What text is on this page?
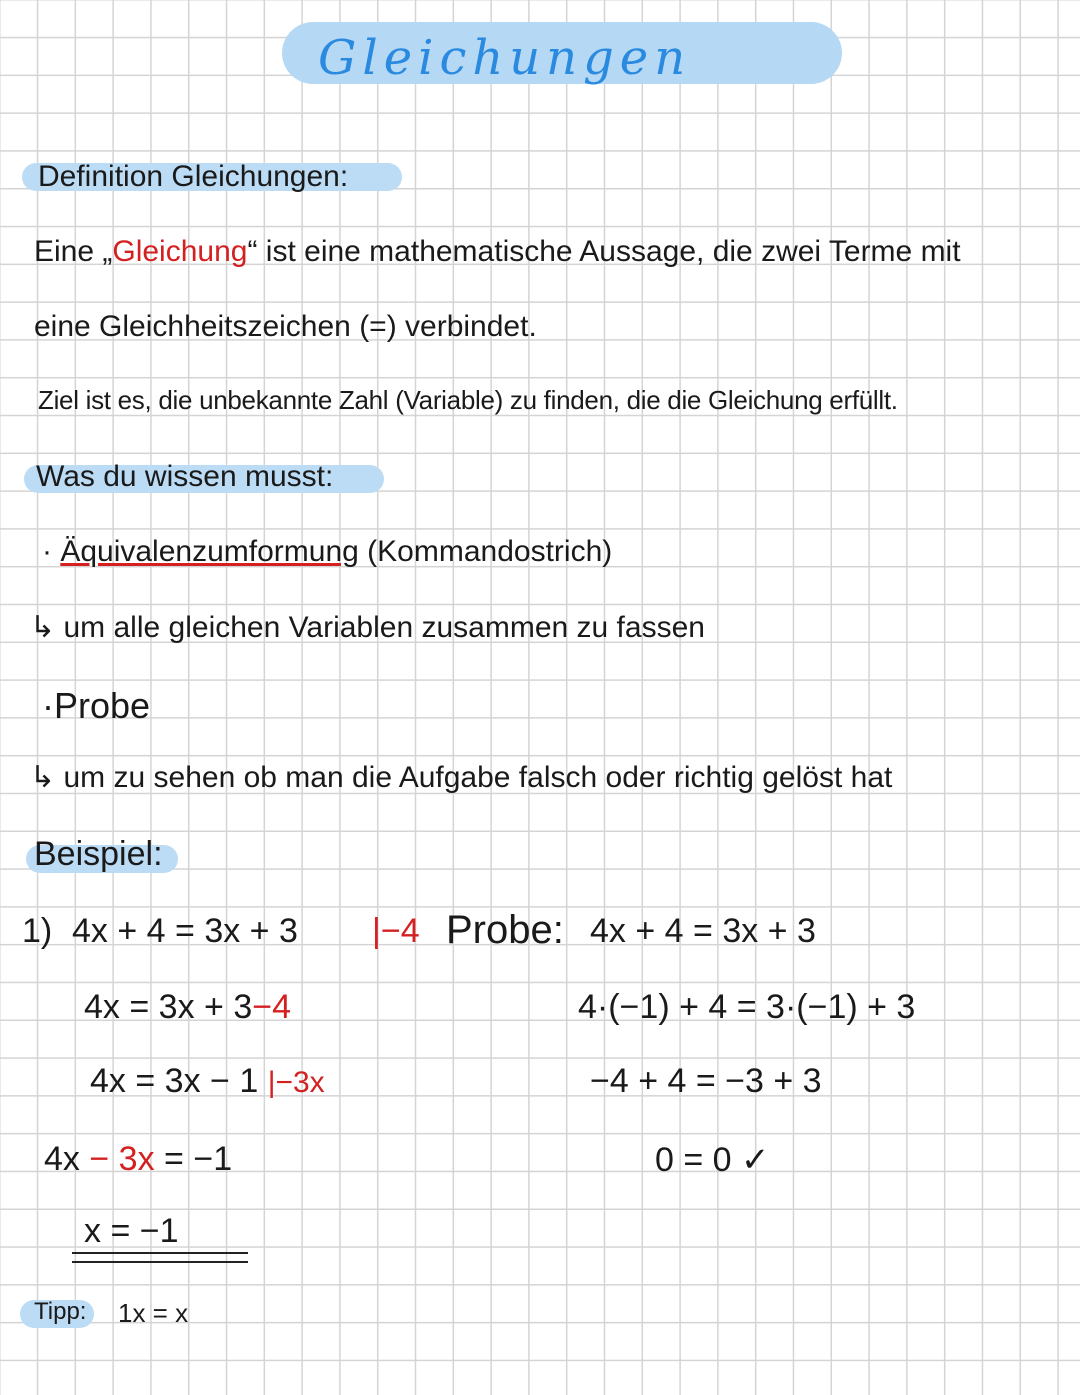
Gleichungen
Definition Gleichungen:
Eine „Gleichung“ ist eine mathematische Aussage, die zwei Terme mit
eine Gleichheitszeichen (=) verbindet.
Ziel ist es, die unbekannte Zahl (Variable) zu finden, die die Gleichung erfüllt.
Was du wissen musst:
· Äquivalenzumformung (Kommandostrich)
↳ um alle gleichen Variablen zusammen zu fassen
·Probe
↳ um zu sehen ob man die Aufgabe falsch oder richtig gelöst hat
Beispiel:
1) 4x + 4 = 3x + 3 |−4
4x = 3x + 3−4
4x = 3x − 1 |−3x
4x − 3x = −1
x = −1
Probe: 4x + 4 = 3x + 3
4·(−1) + 4 = 3·(−1) + 3
−4 + 4 = −3 + 3
0 = 0 ✓
Tipp: 1x = x
